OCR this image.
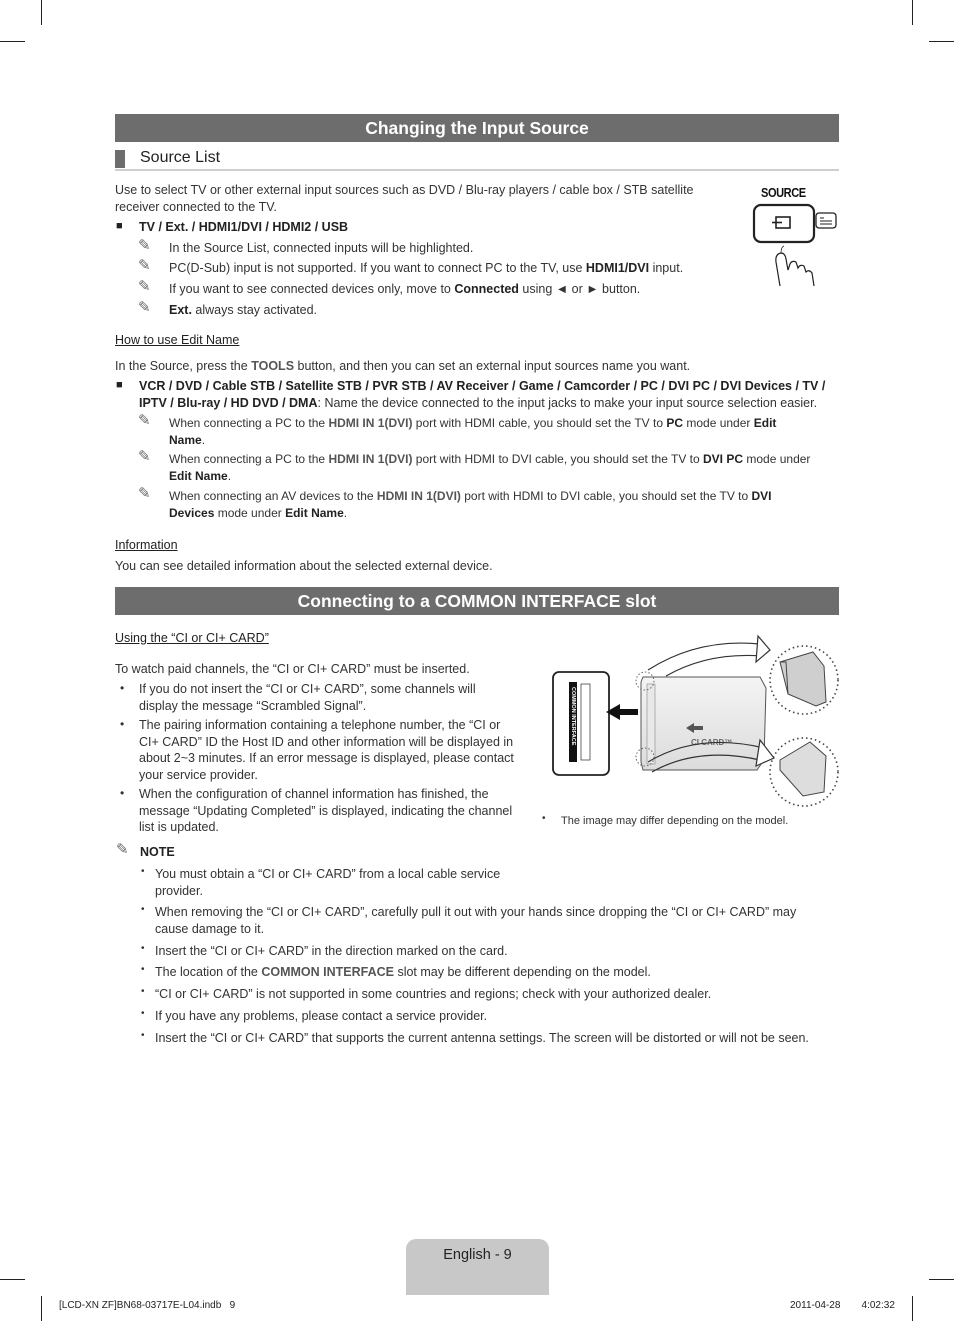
Changing the Input Source
Source List

Use to select TV or other external input sources such as DVD / Blu-ray players / cable box / STB satellite receiver connected to the TV.

■ TV / Ext. / HDMI1/DVI / HDMI2 / USB

✎ In the Source List, connected inputs will be highlighted.

✎ PC(D-Sub) input is not supported. If you want to connect PC to the TV, use HDMI1/DVI input.

✎ If you want to see connected devices only, move to Connected using ◄ or ► button.

✎ Ext. always stay activated.

SOURCE

How to use Edit Name

In the Source, press the TOOLS button, and then you can set an external input sources name you want.

■ VCR / DVD / Cable STB / Satellite STB / PVR STB / AV Receiver / Game / Camcorder / PC / DVI PC / DVI Devices / TV / IPTV / Blu-ray / HD DVD / DMA: Name the device connected to the input jacks to make your input source selection easier.

✎ When connecting a PC to the HDMI IN 1(DVI) port with HDMI cable, you should set the TV to PC mode under Edit
Name.

✎ When connecting a PC to the HDMI IN 1(DVI) port with HDMI to DVI cable, you should set the TV to DVI PC mode under
Edit Name.

✎ When connecting an AV devices to the HDMI IN 1(DVI) port with HDMI to DVI cable, you should set the TV to DVI
Devices mode under Edit Name.

Information

You can see detailed information about the selected external device.

Connecting to a COMMON INTERFACE slot

Using the “CI or CI+ CARD”

To watch paid channels, the “CI or CI+ CARD” must be inserted.

• If you do not insert the “CI or CI+ CARD”, some channels will
display the message “Scrambled Signal”.

• The pairing information containing a telephone number, the “CI or
CI+ CARD” ID the Host ID and other information will be displayed in
about 2~3 minutes. If an error message is displayed, please contact
your service provider.

• When the configuration of channel information has finished, the
message “Updating Completed” is displayed, indicating the channel
list is updated.

COMMON INTERFACE	CI CARD™
• The image may differ depending on the model.

✎ NOTE

• You must obtain a “CI or CI+ CARD” from a local cable service
provider.

• When removing the “CI or CI+ CARD”, carefully pull it out with your hands since dropping the “CI or CI+ CARD” may
cause damage to it.

• Insert the “CI or CI+ CARD” in the direction marked on the card.

• The location of the COMMON INTERFACE slot may be different depending on the model.

• “CI or CI+ CARD” is not supported in some countries and regions; check with your authorized dealer.

• If you have any problems, please contact a service provider.

• Insert the “CI or CI+ CARD” that supports the current antenna settings. The screen will be distorted or will not be seen.

English - 9

[LCD-XN ZF]BN68-03717E-L04.indb   9	2011-04-28   　 4:02:32
